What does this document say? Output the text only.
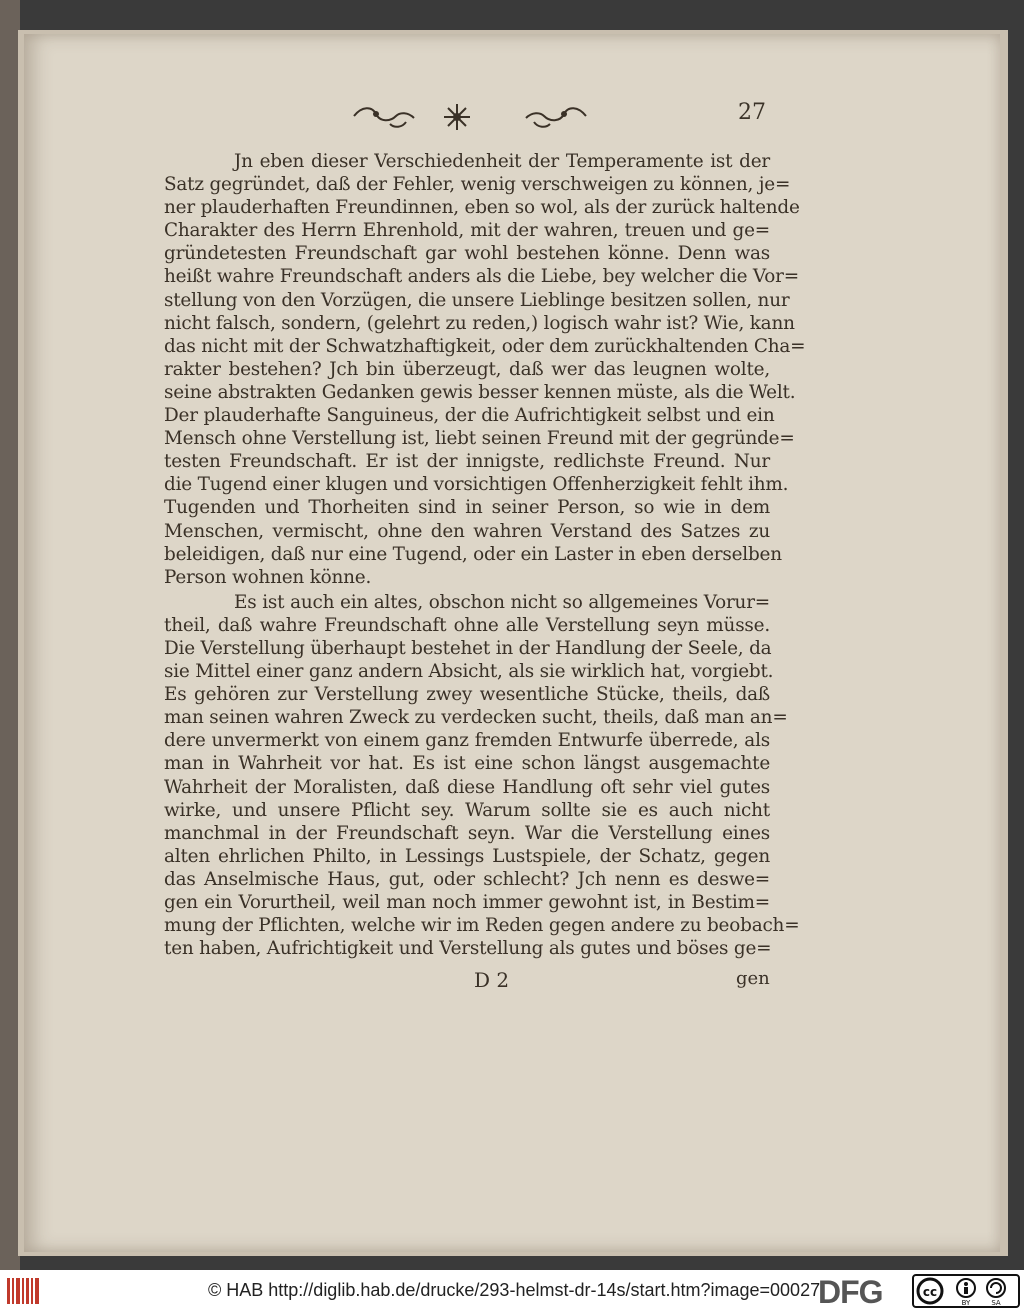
27
Jn eben dieser Verschiedenheit der Temperamente ist der
Satz gegründet, daß der Fehler, wenig verschweigen zu können, je=
ner plauderhaften Freundinnen, eben so wol, als der zurück haltende
Charakter des Herrn Ehrenhold, mit der wahren, treuen und ge=
gründetesten Freundschaft gar wohl bestehen könne. Denn was
heißt wahre Freundschaft anders als die Liebe, bey welcher die Vor=
stellung von den Vorzügen, die unsere Lieblinge besitzen sollen, nur
nicht falsch, sondern, (gelehrt zu reden,) logisch wahr ist? Wie, kann
das nicht mit der Schwatzhaftigkeit, oder dem zurückhaltenden Cha=
rakter bestehen? Jch bin überzeugt, daß wer das leugnen wolte,
seine abstrakten Gedanken gewis besser kennen müste, als die Welt.
Der plauderhafte Sanguineus, der die Aufrichtigkeit selbst und ein
Mensch ohne Verstellung ist, liebt seinen Freund mit der gegründe=
testen Freundschaft. Er ist der innigste, redlichste Freund. Nur
die Tugend einer klugen und vorsichtigen Offenherzigkeit fehlt ihm.
Tugenden und Thorheiten sind in seiner Person, so wie in dem
Menschen, vermischt, ohne den wahren Verstand des Satzes zu
beleidigen, daß nur eine Tugend, oder ein Laster in eben derselben
Person wohnen könne.
Es ist auch ein altes, obschon nicht so allgemeines Vorur=
theil, daß wahre Freundschaft ohne alle Verstellung seyn müsse.
Die Verstellung überhaupt bestehet in der Handlung der Seele, da
sie Mittel einer ganz andern Absicht, als sie wirklich hat, vorgiebt.
Es gehören zur Verstellung zwey wesentliche Stücke, theils, daß
man seinen wahren Zweck zu verdecken sucht, theils, daß man an=
dere unvermerkt von einem ganz fremden Entwurfe überrede, als
man in Wahrheit vor hat. Es ist eine schon längst ausgemachte
Wahrheit der Moralisten, daß diese Handlung oft sehr viel gutes
wirke, und unsere Pflicht sey. Warum sollte sie es auch nicht
manchmal in der Freundschaft seyn. War die Verstellung eines
alten ehrlichen Philto, in Lessings Lustspiele, der Schatz, gegen
das Anselmische Haus, gut, oder schlecht? Jch nenn es deswe=
gen ein Vorurtheil, weil man noch immer gewohnt ist, in Bestim=
mung der Pflichten, welche wir im Reden gegen andere zu beobach=
ten haben, Aufrichtigkeit und Verstellung als gutes und böses ge=
D 2	gen
© HAB http://diglib.hab.de/drucke/293-helmst-dr-14s/start.htm?image=00027
DFG	cc
BY	SA
